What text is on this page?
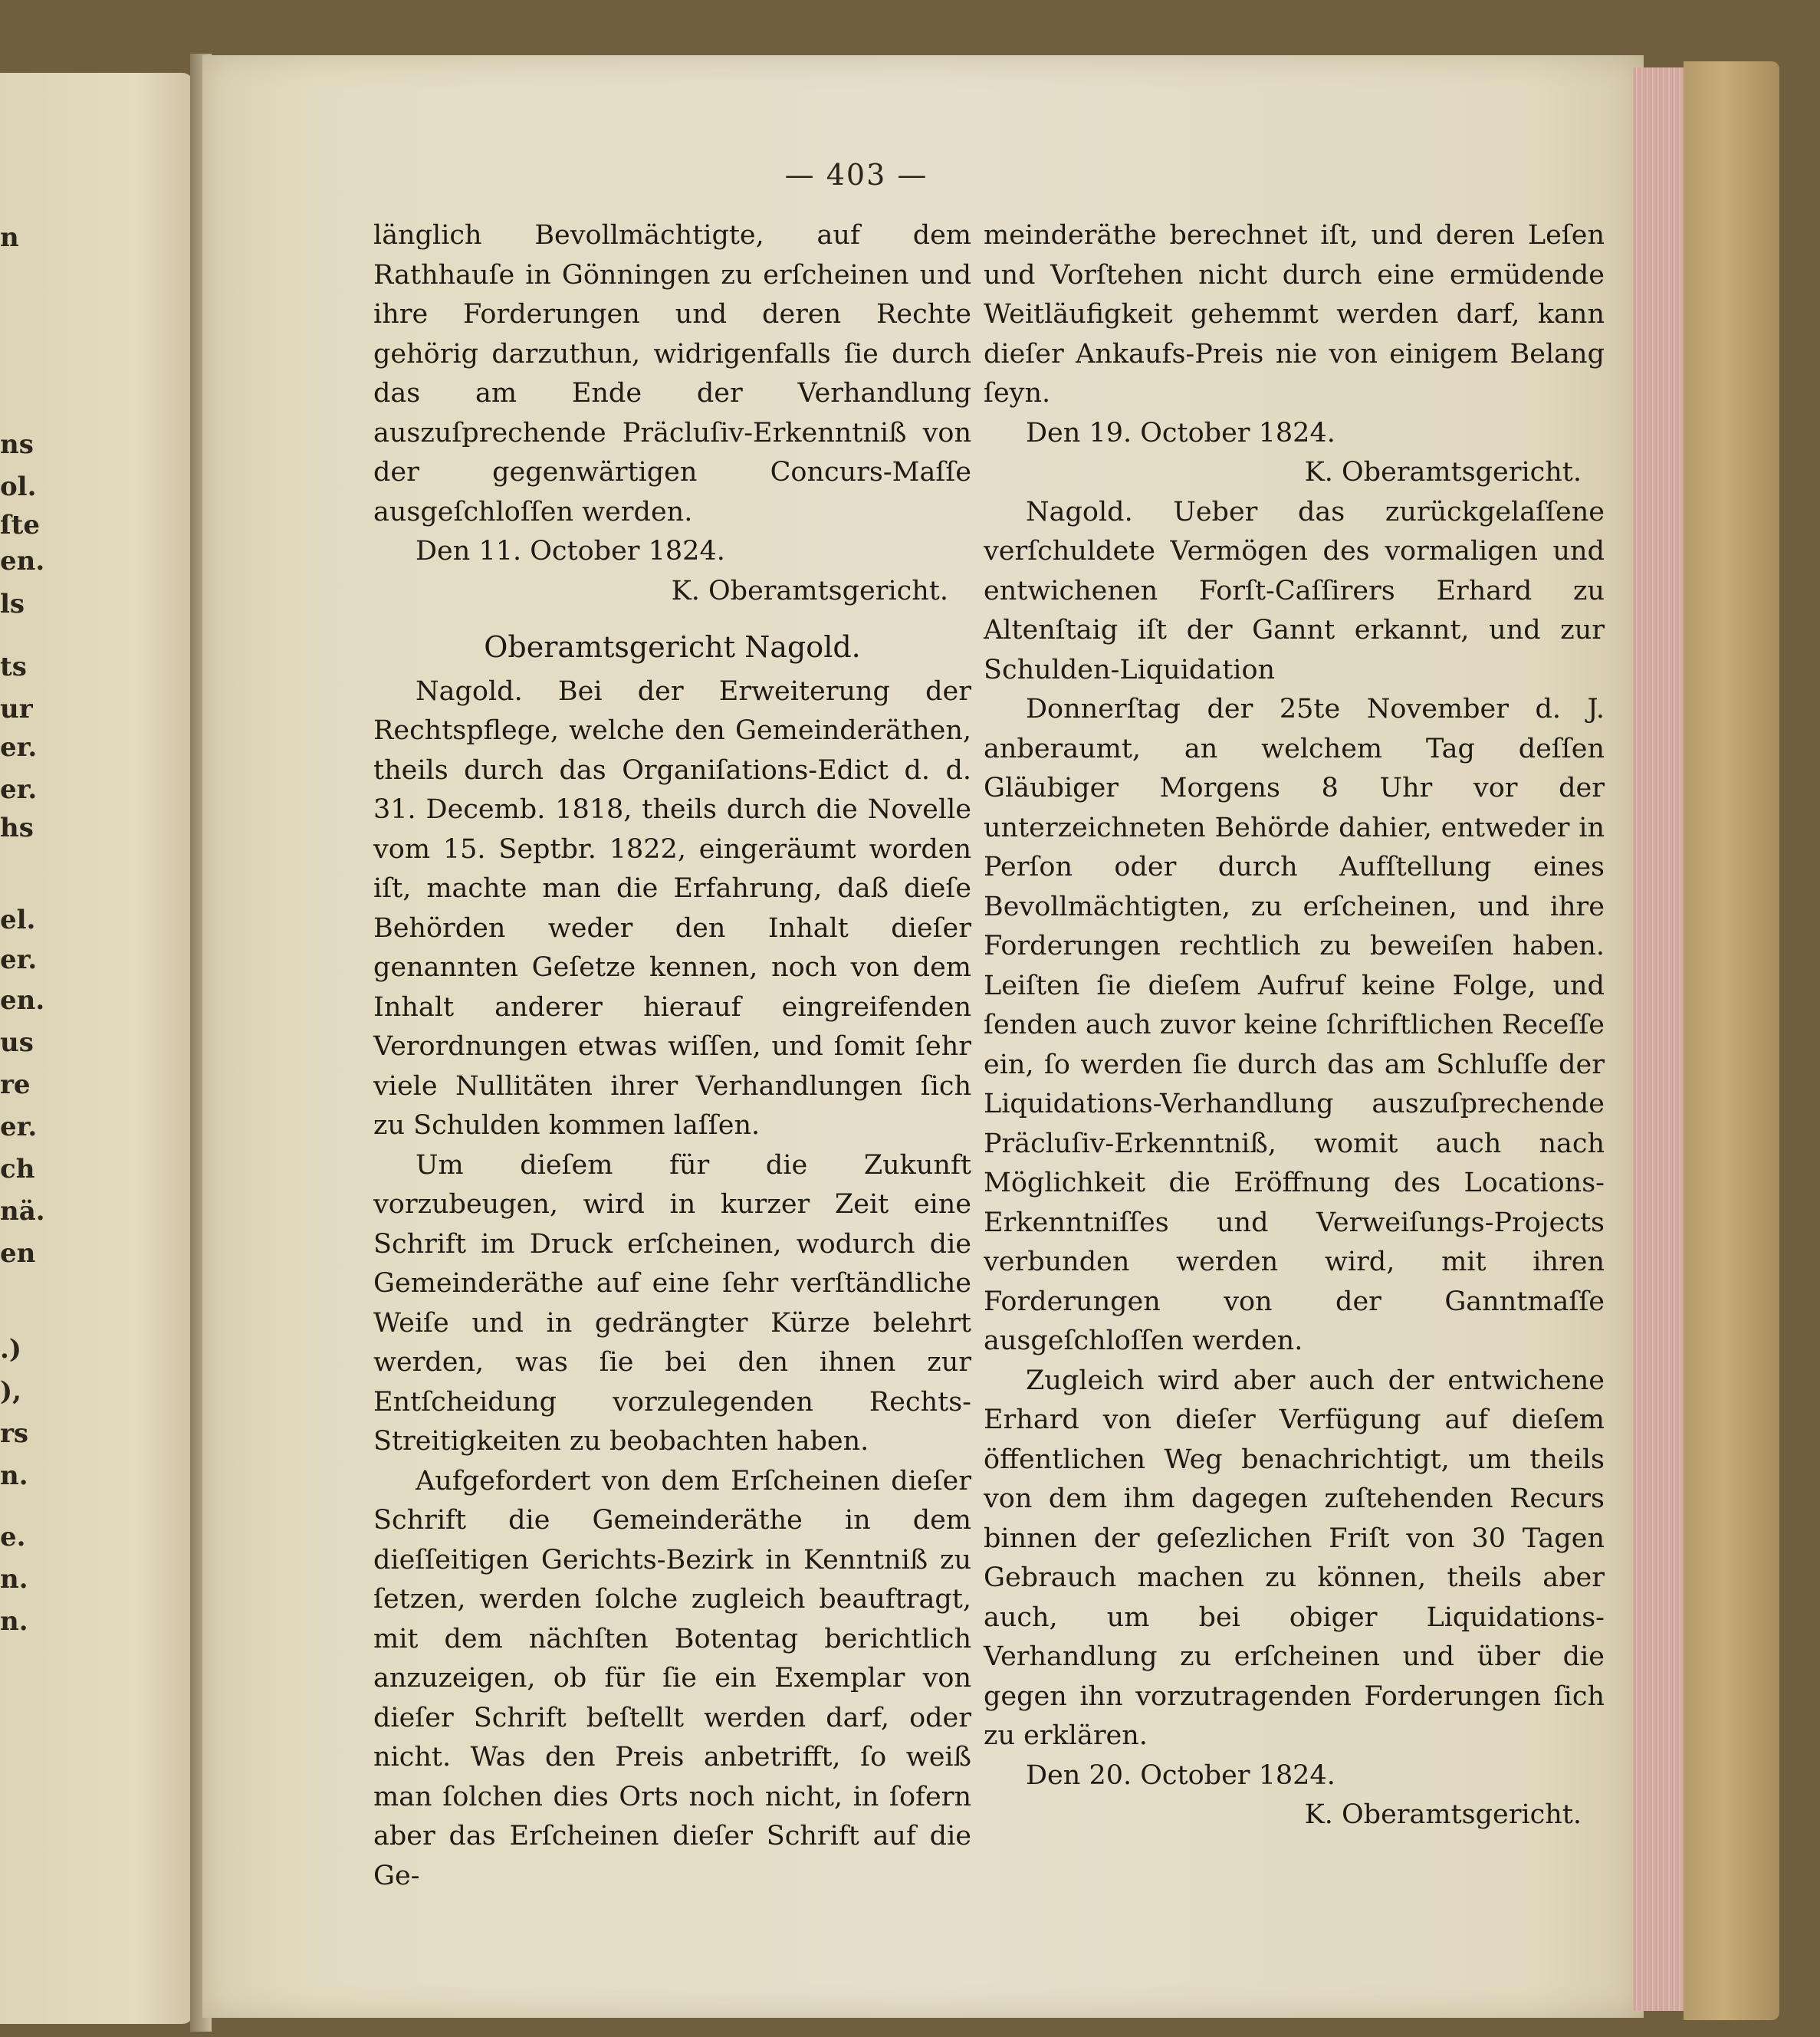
n
ns
ol.
ſte
en.
ls
ts
ur
er.
er.
hs
el.
er.
en.
us
re
er.
ch
nä.
en
.)
),
rs
n.
e.
n.
n.
— 403 —

länglich Bevollmächtigte, auf dem Rathhauſe in Gönningen zu erſcheinen und ihre Forderungen und deren Rechte gehörig darzuthun, widrigenfalls ſie durch das am Ende der Verhandlung auszuſprechende Präcluſiv-Erkenntniß von der gegenwärtigen Concurs-Maſſe ausgeſchloſſen werden.

Den 11. October 1824.

K. Oberamtsgericht.

Oberamtsgericht Nagold.

Nagold. Bei der Erweiterung der Rechtspflege, welche den Gemeinderäthen, theils durch das Organiſations-Edict d. d. 31. Decemb. 1818, theils durch die Novelle vom 15. Septbr. 1822, eingeräumt worden iſt, machte man die Erfahrung, daß dieſe Behörden weder den Inhalt dieſer genannten Geſetze kennen, noch von dem Inhalt anderer hierauf eingreifenden Verordnungen etwas wiſſen, und ſomit ſehr viele Nullitäten ihrer Verhandlungen ſich zu Schulden kommen laſſen.

Um dieſem für die Zukunft vorzubeugen, wird in kurzer Zeit eine Schrift im Druck erſcheinen, wodurch die Gemeinderäthe auf eine ſehr verſtändliche Weiſe und in gedrängter Kürze belehrt werden, was ſie bei den ihnen zur Entſcheidung vorzulegenden Rechts-Streitigkeiten zu beobachten haben.

Aufgefordert von dem Erſcheinen dieſer Schrift die Gemeinderäthe in dem dieſſeitigen Gerichts-Bezirk in Kenntniß zu ſetzen, werden ſolche zugleich beauftragt, mit dem nächſten Botentag berichtlich anzuzeigen, ob für ſie ein Exemplar von dieſer Schrift beſtellt werden darf, oder nicht. Was den Preis anbetrifft, ſo weiß man ſolchen dies Orts noch nicht, in ſofern aber das Erſcheinen dieſer Schrift auf die Ge-

meinderäthe berechnet iſt, und deren Leſen und Vorſtehen nicht durch eine ermüdende Weitläufigkeit gehemmt werden darf, kann dieſer Ankaufs-Preis nie von einigem Belang ſeyn.

Den 19. October 1824.

K. Oberamtsgericht.

Nagold. Ueber das zurückgelaſſene verſchuldete Vermögen des vormaligen und entwichenen Forſt-Caſſirers Erhard zu Altenſtaig iſt der Gannt erkannt, und zur Schulden-Liquidation

Donnerſtag der 25te November d. J. anberaumt, an welchem Tag deſſen Gläubiger Morgens 8 Uhr vor der unterzeichneten Behörde dahier, entweder in Perſon oder durch Aufſtellung eines Bevollmächtigten, zu erſcheinen, und ihre Forderungen rechtlich zu beweiſen haben. Leiſten ſie dieſem Aufruf keine Folge, und ſenden auch zuvor keine ſchriftlichen Receſſe ein, ſo werden ſie durch das am Schluſſe der Liquidations-Verhandlung auszuſprechende Präcluſiv-Erkenntniß, womit auch nach Möglichkeit die Eröffnung des Locations-Erkenntniſſes und Verweiſungs-Projects verbunden werden wird, mit ihren Forderungen von der Ganntmaſſe ausgeſchloſſen werden.

Zugleich wird aber auch der entwichene Erhard von dieſer Verfügung auf dieſem öffentlichen Weg benachrichtigt, um theils von dem ihm dagegen zuſtehenden Recurs binnen der geſezlichen Friſt von 30 Tagen Gebrauch machen zu können, theils aber auch, um bei obiger Liquidations-Verhandlung zu erſcheinen und über die gegen ihn vorzutragenden Forderungen ſich zu erklären.

Den 20. October 1824.

K. Oberamtsgericht.
